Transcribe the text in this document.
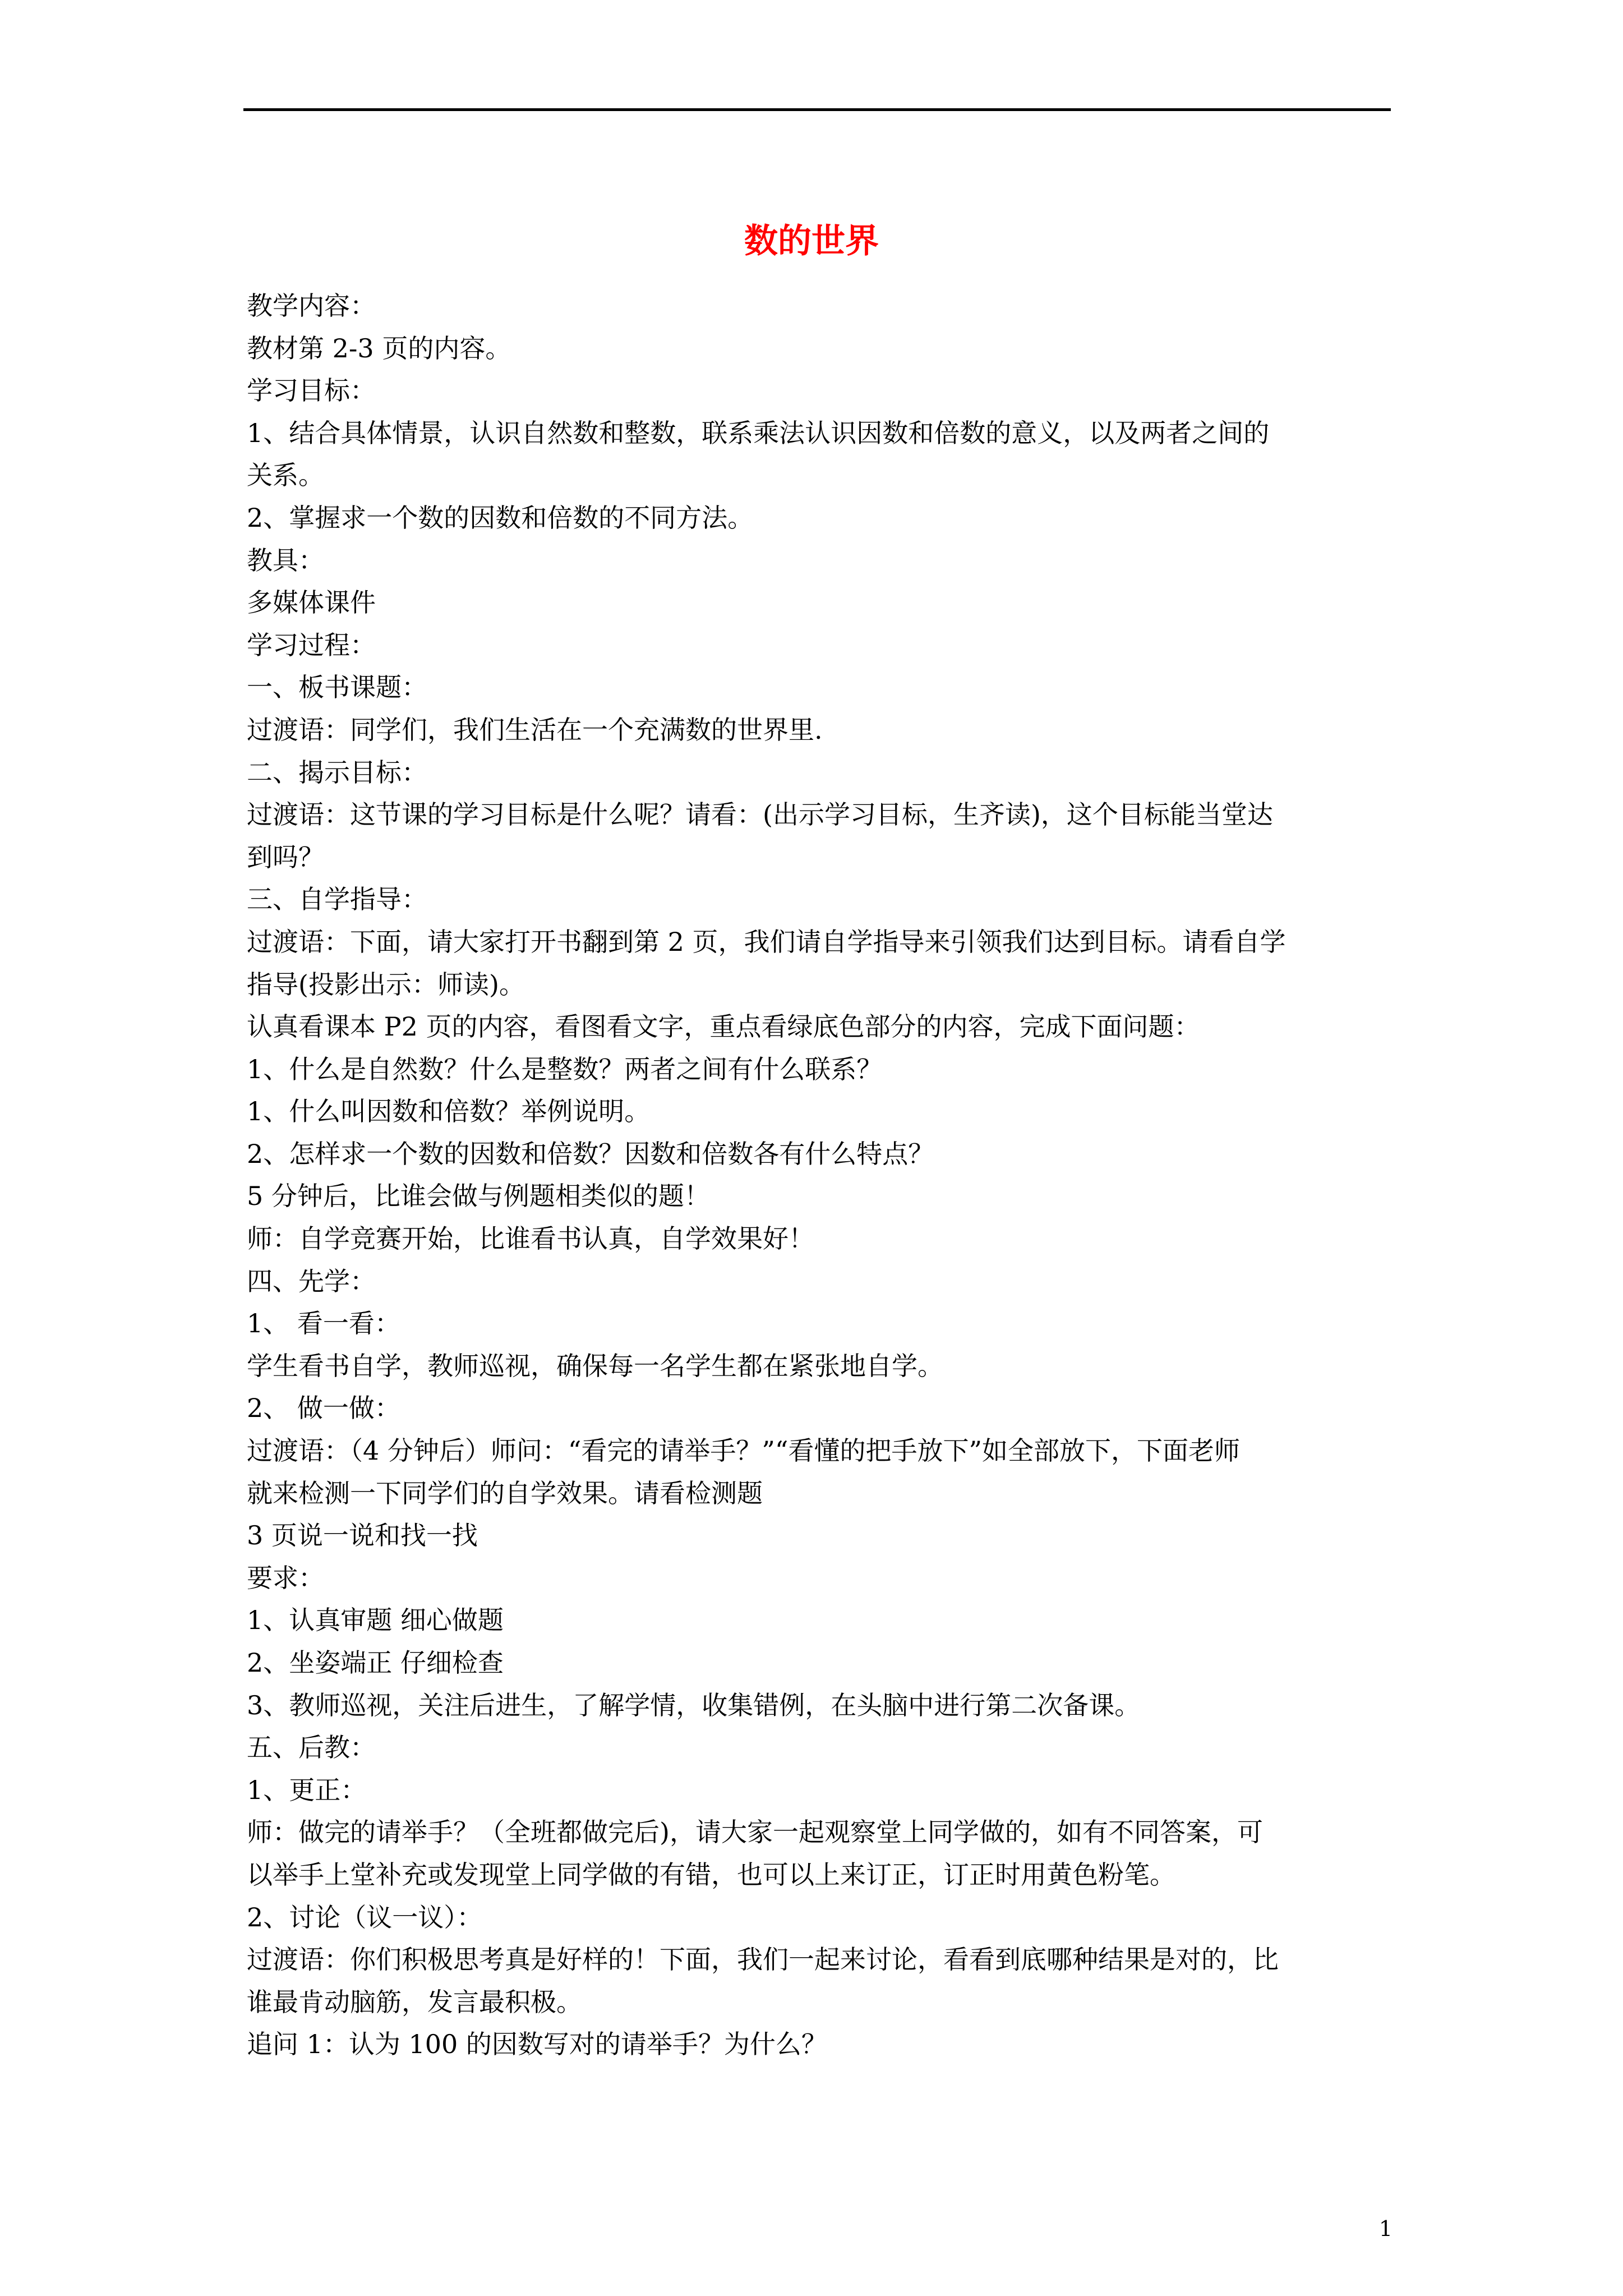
数的世界
教学内容：
教材第 2-3 页的内容。
学习目标：
1、结合具体情景，认识自然数和整数，联系乘法认识因数和倍数的意义，以及两者之间的
关系。
2、掌握求一个数的因数和倍数的不同方法。
教具：
多媒体课件
学习过程：
一、板书课题：
过渡语：同学们，我们生活在一个充满数的世界里.
二、揭示目标：
过渡语：这节课的学习目标是什么呢？请看：(出示学习目标，生齐读)，这个目标能当堂达
到吗？
三、自学指导：
过渡语：下面，请大家打开书翻到第 2 页，我们请自学指导来引领我们达到目标。请看自学
指导(投影出示：师读)。
认真看课本 P2 页的内容，看图看文字，重点看绿底色部分的内容，完成下面问题：
1、什么是自然数？什么是整数？两者之间有什么联系？
1、什么叫因数和倍数？举例说明。
2、怎样求一个数的因数和倍数？因数和倍数各有什么特点？
5 分钟后，比谁会做与例题相类似的题！
师：自学竞赛开始，比谁看书认真，自学效果好！
四、先学：
1、 看一看：
学生看书自学，教师巡视，确保每一名学生都在紧张地自学。
2、 做一做：
过渡语：（4 分钟后）师问：“看完的请举手？”“看懂的把手放下”如全部放下，下面老师
就来检测一下同学们的自学效果。请看检测题
3 页说一说和找一找
要求：
1、认真审题 细心做题
2、坐姿端正 仔细检查
3、教师巡视，关注后进生，了解学情，收集错例，在头脑中进行第二次备课。
五、后教：
1、更正：
师：做完的请举手？（全班都做完后)，请大家一起观察堂上同学做的，如有不同答案，可
以举手上堂补充或发现堂上同学做的有错，也可以上来订正，订正时用黄色粉笔。
2、讨论（议一议）：
过渡语：你们积极思考真是好样的！下面，我们一起来讨论，看看到底哪种结果是对的，比
谁最肯动脑筋，发言最积极。
追问 1：认为 100 的因数写对的请举手？为什么？
1
